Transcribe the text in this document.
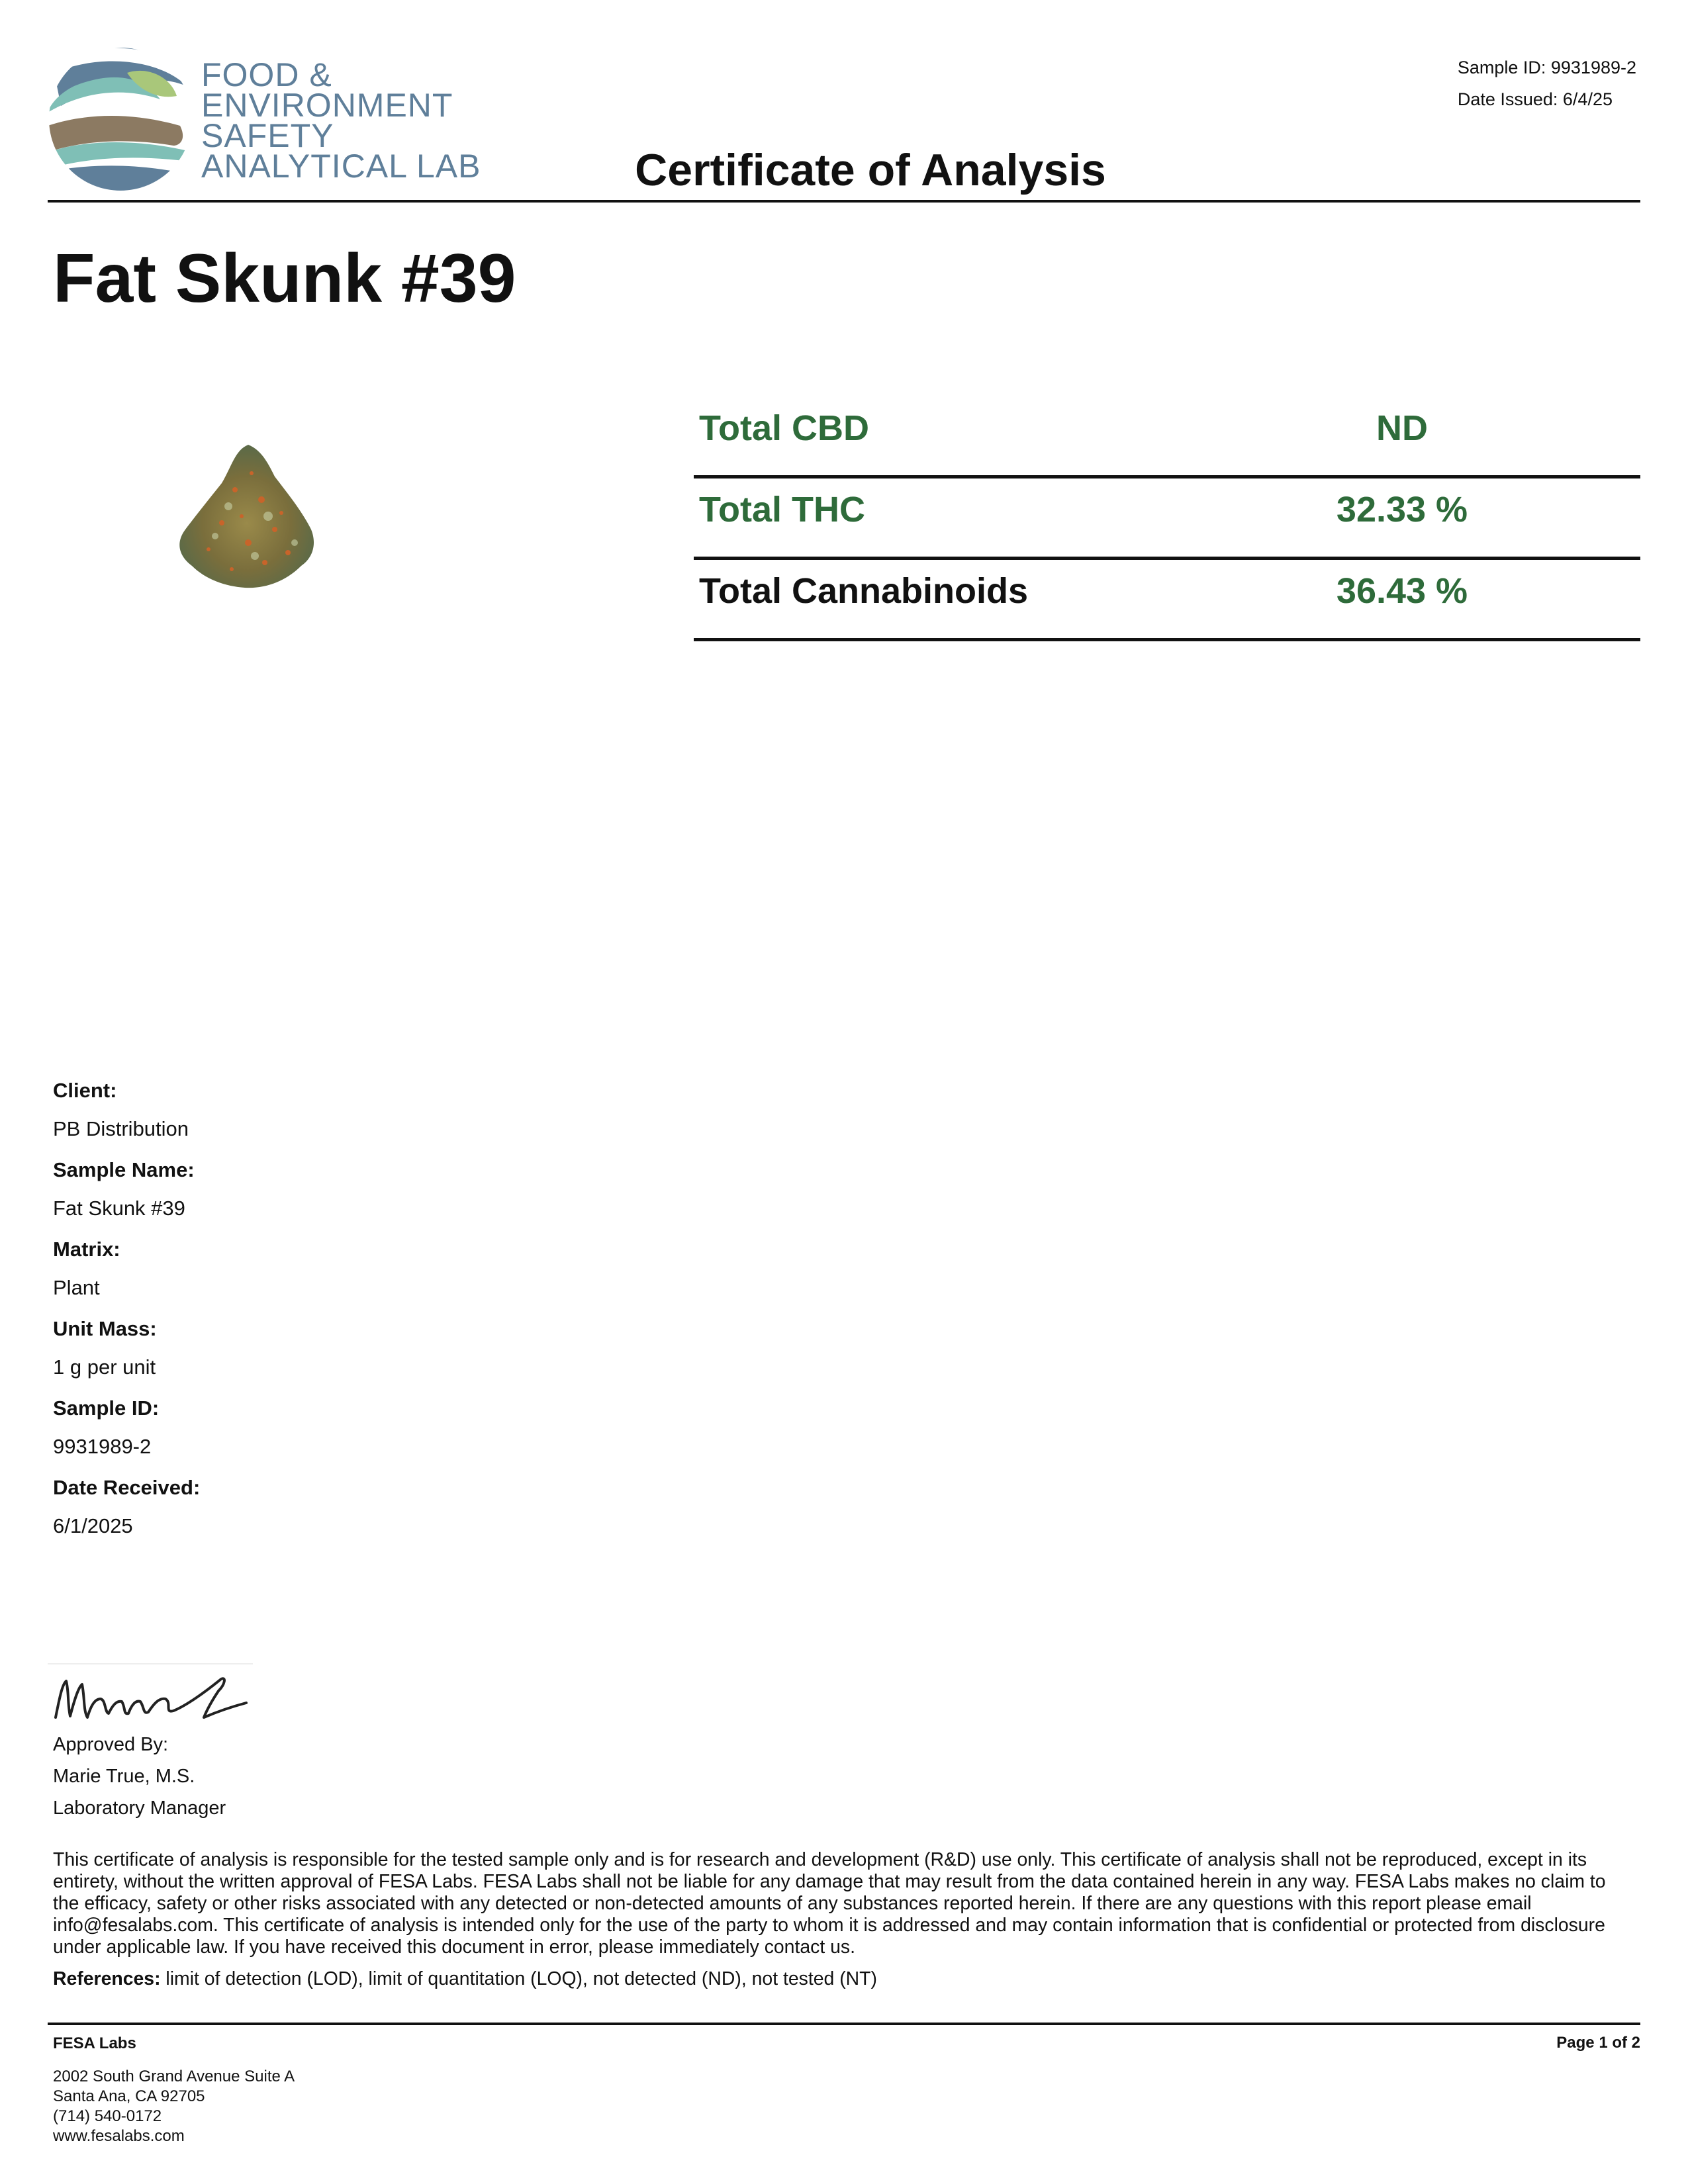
FOOD &
ENVIRONMENT
SAFETY
ANALYTICAL LAB
Sample ID: 9931989-2
Date Issued: 6/4/25
Certificate of Analysis
Fat Skunk #39
Total CBD	ND
Total THC	32.33 %
Total Cannabinoids	36.43 %
Client:
PB Distribution
Sample Name:
Fat Skunk #39
Matrix:
Plant
Unit Mass:
1 g per unit
Sample ID:
9931989-2
Date Received:
6/1/2025
Approved By:
Marie True, M.S.
Laboratory Manager
This certificate of analysis is responsible for the tested sample only and is for research and development (R&D) use only. This certificate of analysis shall not be reproduced, except in its entirety, without the written approval of FESA Labs. FESA Labs shall not be liable for any damage that may result from the data contained herein in any way. FESA Labs makes no claim to the efficacy, safety or other risks associated with any detected or non-detected amounts of any substances reported herein. If there are any questions with this report please email info@fesalabs.com. This certificate of analysis is intended only for the use of the party to whom it is addressed and may contain information that is confidential or protected from disclosure under applicable law. If you have received this document in error, please immediately contact us.
References: limit of detection (LOD), limit of quantitation (LOQ), not detected (ND), not tested (NT)
FESA Labs
2002 South Grand Avenue Suite A
Santa Ana, CA 92705
(714) 540-0172
www.fesalabs.com
Page 1 of 2
